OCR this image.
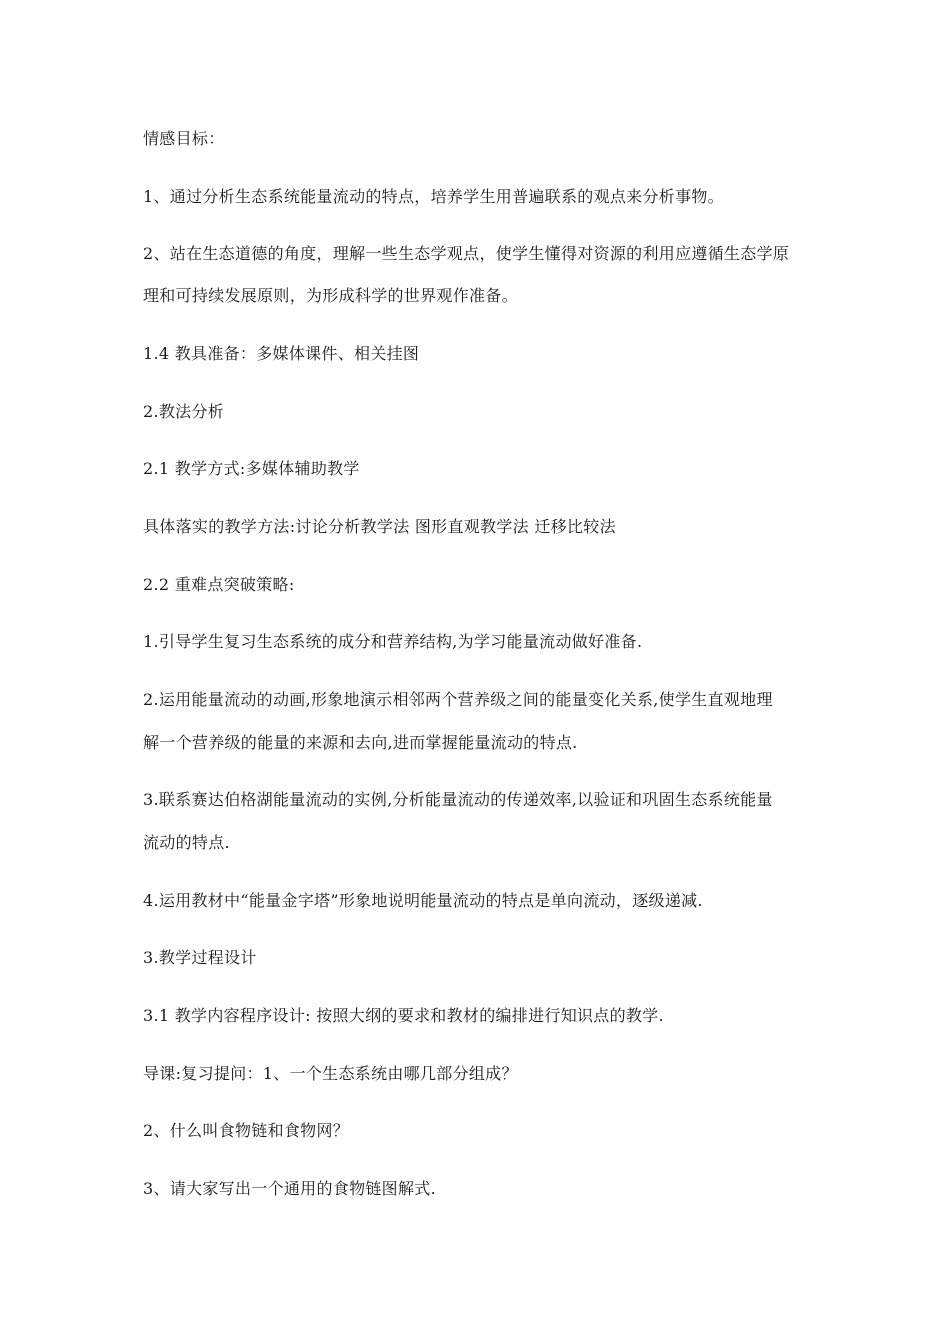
情感目标：
1、通过分析生态系统能量流动的特点，培养学生用普遍联系的观点来分析事物。
2、站在生态道德的角度，理解一些生态学观点，使学生懂得对资源的利用应遵循生态学原
理和可持续发展原则，为形成科学的世界观作准备。
1.4 教具准备：多媒体课件、相关挂图
2.教法分析
2.1 教学方式:多媒体辅助教学
具体落实的教学方法:讨论分析教学法 图形直观教学法 迁移比较法
2.2 重难点突破策略:
1.引导学生复习生态系统的成分和营养结构,为学习能量流动做好准备.
2.运用能量流动的动画,形象地演示相邻两个营养级之间的能量变化关系,使学生直观地理
解一个营养级的能量的来源和去向,进而掌握能量流动的特点.
3.联系赛达伯格湖能量流动的实例,分析能量流动的传递效率,以验证和巩固生态系统能量
流动的特点.
4.运用教材中“能量金字塔”形象地说明能量流动的特点是单向流动，逐级递减.
3.教学过程设计
3.1 教学内容程序设计: 按照大纲的要求和教材的编排进行知识点的教学.
导课:复习提问：1、一个生态系统由哪几部分组成？
2、什么叫食物链和食物网？
3、请大家写出一个通用的食物链图解式.
